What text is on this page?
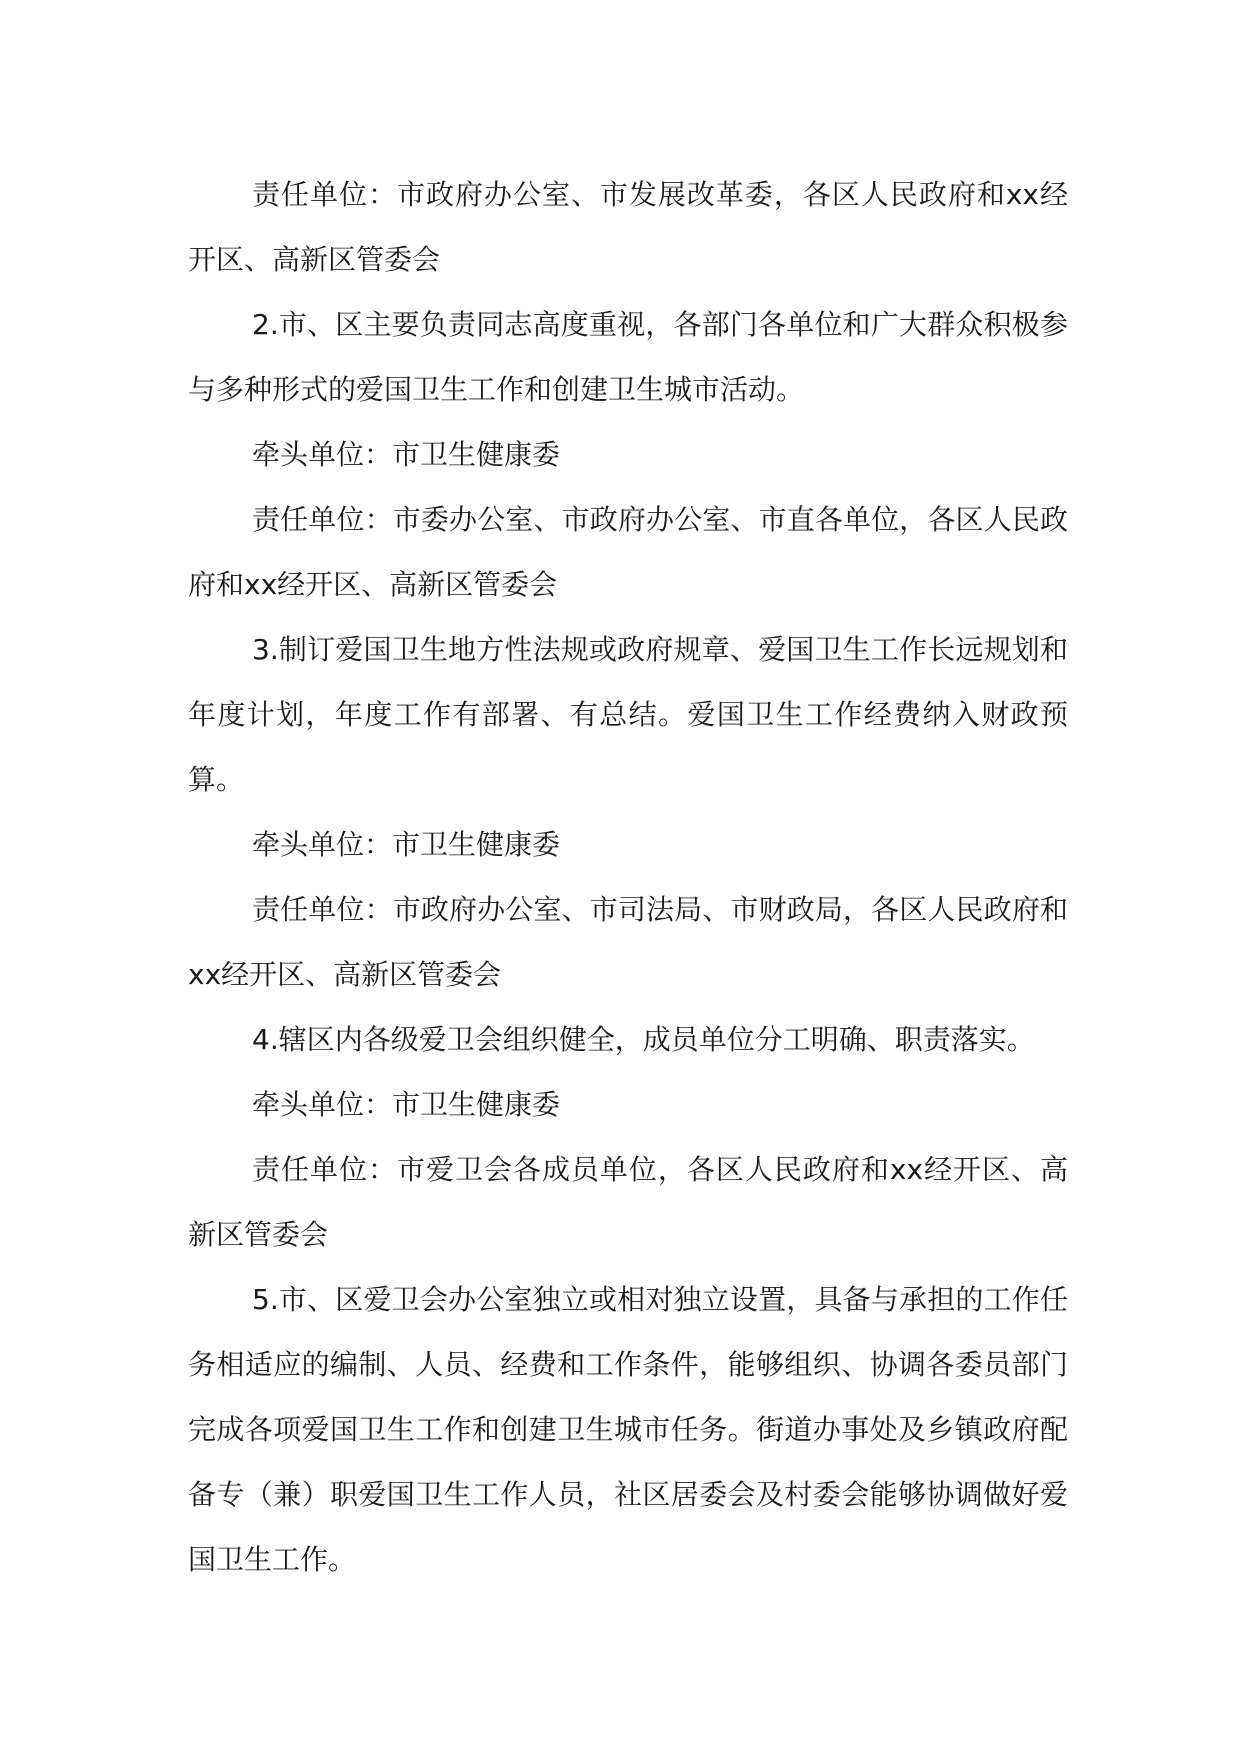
责任单位：市政府办公室、市发展改革委，各区人民政府和xx经开区、高新区管委会

2.市、区主要负责同志高度重视，各部门各单位和广大群众积极参与多种形式的爱国卫生工作和创建卫生城市活动。

牵头单位：市卫生健康委

责任单位：市委办公室、市政府办公室、市直各单位，各区人民政府和xx经开区、高新区管委会

3.制订爱国卫生地方性法规或政府规章、爱国卫生工作长远规划和年度计划，年度工作有部署、有总结。爱国卫生工作经费纳入财政预算。

牵头单位：市卫生健康委

责任单位：市政府办公室、市司法局、市财政局，各区人民政府和xx经开区、高新区管委会

4.辖区内各级爱卫会组织健全，成员单位分工明确、职责落实。

牵头单位：市卫生健康委

责任单位：市爱卫会各成员单位，各区人民政府和xx经开区、高新区管委会

5.市、区爱卫会办公室独立或相对独立设置，具备与承担的工作任务相适应的编制、人员、经费和工作条件，能够组织、协调各委员部门完成各项爱国卫生工作和创建卫生城市任务。街道办事处及乡镇政府配备专（兼）职爱国卫生工作人员，社区居委会及村委会能够协调做好爱国卫生工作。
